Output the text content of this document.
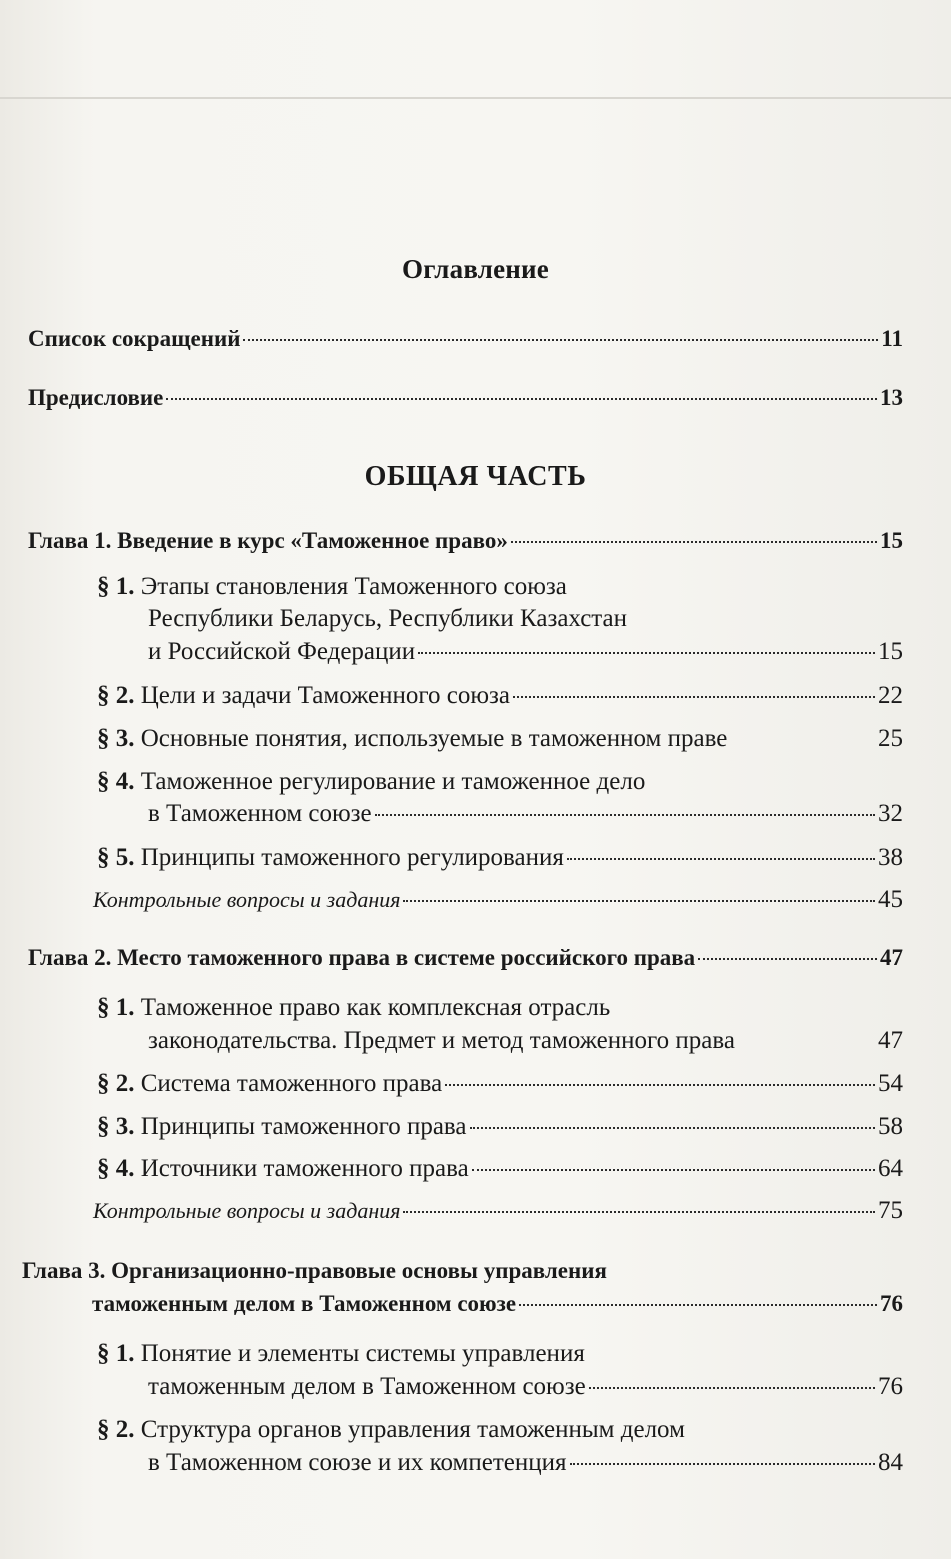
Оглавление
Список сокращений	11
Предисловие	13
ОБЩАЯ ЧАСТЬ
Глава 1. Введение в курс «Таможенное право»	15
§ 1. Этапы становления Таможенного союза
Республики Беларусь, Республики Казахстан
и Российской Федерации	15
§ 2. Цели и задачи Таможенного союза	22
§ 3. Основные понятия, используемые в таможенном праве	25
§ 4. Таможенное регулирование и таможенное дело
в Таможенном союзе	32
§ 5. Принципы таможенного регулирования	38
Контрольные вопросы и задания	45
Глава 2. Место таможенного права в системе российского права	47
§ 1. Таможенное право как комплексная отрасль
законодательства. Предмет и метод таможенного права	47
§ 2. Система таможенного права	54
§ 3. Принципы таможенного права	58
§ 4. Источники таможенного права	64
Контрольные вопросы и задания	75
Глава 3. Организационно-правовые основы управления
таможенным делом в Таможенном союзе	76
§ 1. Понятие и элементы системы управления
таможенным делом в Таможенном союзе	76
§ 2. Структура органов управления таможенным делом
в Таможенном союзе и их компетенция	84
